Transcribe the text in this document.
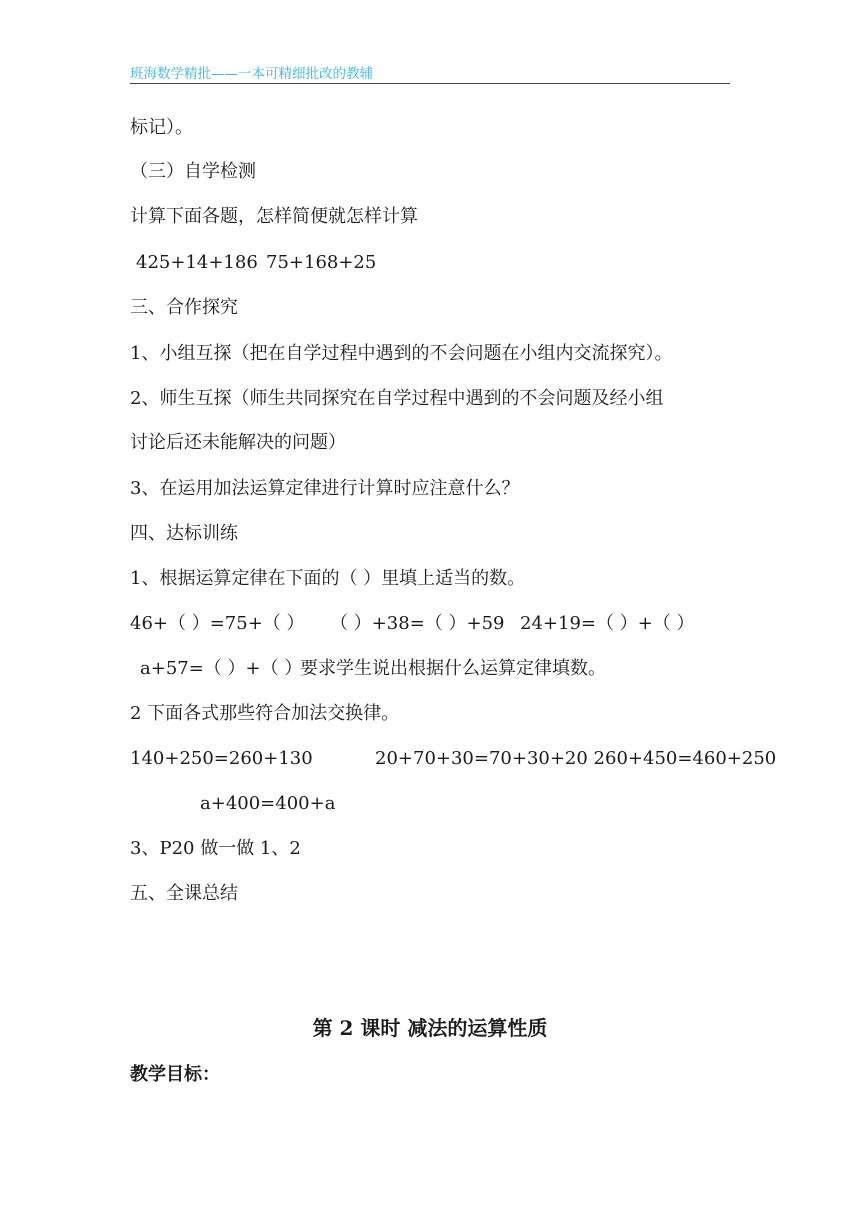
班海数学精批——一本可精细批改的教辅
标记）。
（三）自学检测
计算下面各题，怎样简便就怎样计算
425+14+186 75+168+25
三、合作探究
1、小组互探（把在自学过程中遇到的不会问题在小组内交流探究）。
2、师生互探（师生共同探究在自学过程中遇到的不会问题及经小组
讨论后还未能解决的问题）
3、在运用加法运算定律进行计算时应注意什么？
四、达标训练
1、根据运算定律在下面的（ ）里填上适当的数。
46+（ ）=75+（ ） （ ）+38=（ ）+59 24+19=（ ）+（ ）
a+57=（ ）+（ ）
要求学生说出根据什么运算定律填数。
2 下面各式那些符合加法交换律。
140+250=260+130	20+70+30=70+30+20 260+450=460+250
a+400=400+a
3、P20 做一做 1、2
五、全课总结
第 2 课时 减法的运算性质
教学目标：
